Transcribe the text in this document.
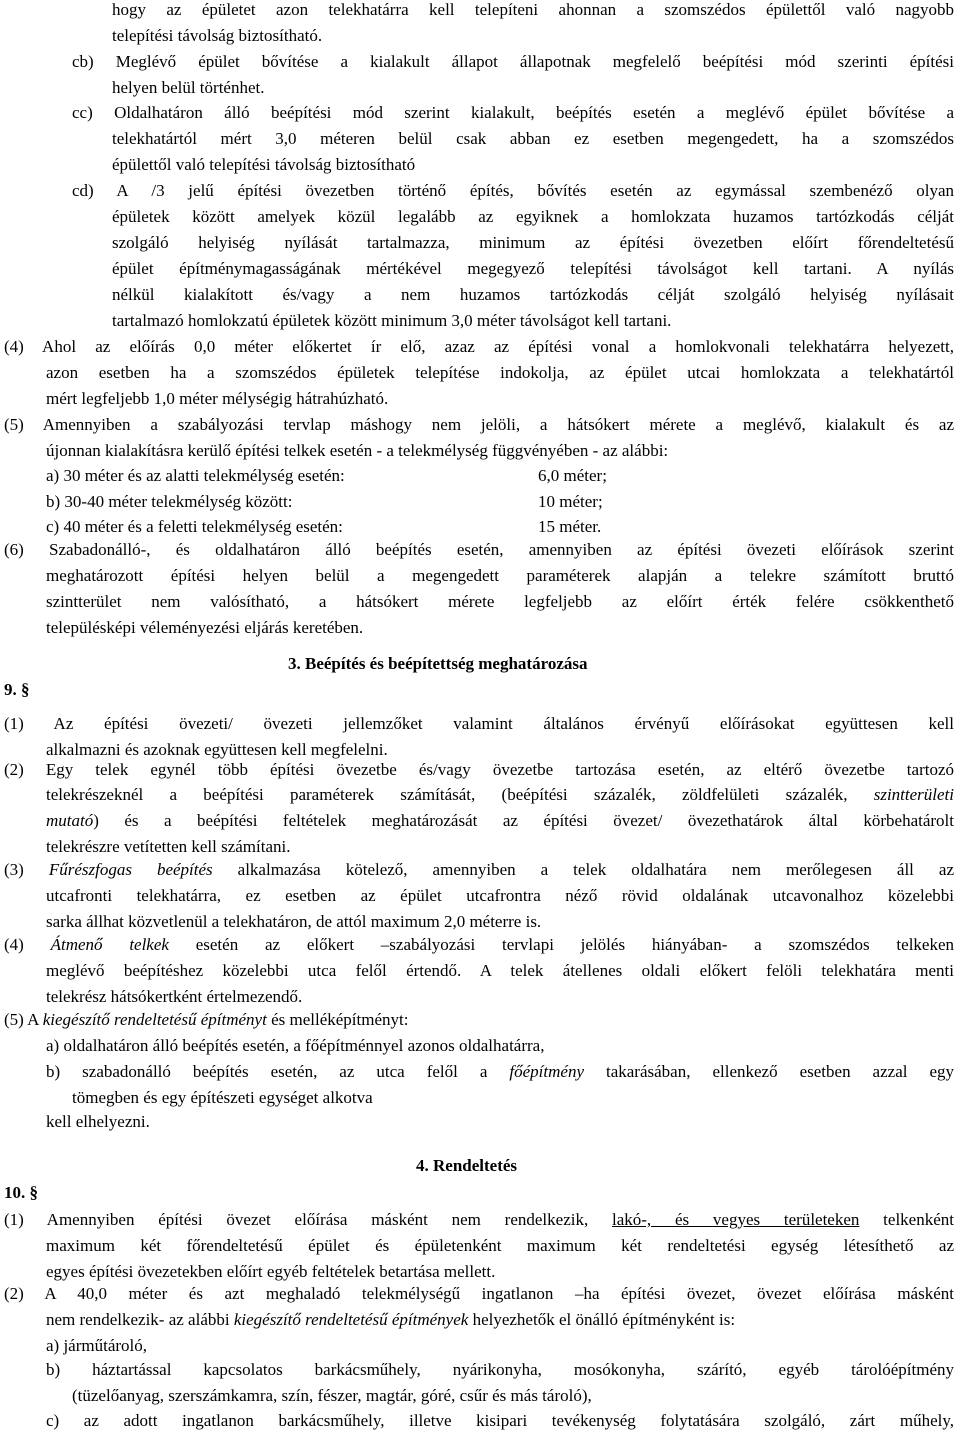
3. Beépítés és beépítettség meghatározása
9. §
4. Rendeltetés
10. §
hogy az épületet azon telekhatárra kell telepíteni ahonnan a szomszédos épülettől való nagyobb
telepítési távolság biztosítható.
cb) Meglévő épület bővítése a kialakult állapot állapotnak megfelelő beépítési mód szerinti építési
helyen belül történhet.
cc) Oldalhatáron álló beépítési mód szerint kialakult, beépítés esetén a meglévő épület bővítése a
telekhatártól mért 3,0 méteren belül csak abban ez esetben megengedett, ha a szomszédos
épülettől való telepítési távolság biztosítható
cd) A /3 jelű építési övezetben történő építés, bővítés esetén az egymással szembenéző olyan
épületek között amelyek közül legalább az egyiknek a homlokzata huzamos tartózkodás célját
szolgáló helyiség nyílását tartalmazza, minimum az építési övezetben előírt főrendeltetésű
épület építménymagasságának mértékével megegyező telepítési távolságot kell tartani. A nyílás
nélkül kialakított és/vagy a nem huzamos tartózkodás célját szolgáló helyiség nyílásait
tartalmazó homlokzatú épületek között minimum 3,0 méter távolságot kell tartani.
(4) Ahol az előírás 0,0 méter előkertet ír elő, azaz az építési vonal a homlokvonali telekhatárra helyezett,
azon esetben ha a szomszédos épületek telepítése indokolja, az épület utcai homlokzata a telekhatártól
mért legfeljebb 1,0 méter mélységig hátrahúzható.
(5) Amennyiben a szabályozási tervlap máshogy nem jelöli, a hátsókert mérete a meglévő, kialakult és az
újonnan kialakításra kerülő építési telkek esetén - a telekmélység függvényében - az alábbi:
(6) Szabadonálló-, és oldalhatáron álló beépítés esetén, amennyiben az építési övezeti előírások szerint
meghatározott építési helyen belül a megengedett paraméterek alapján a telekre számított bruttó
szintterület nem valósítható, a hátsókert mérete legfeljebb az előírt érték felére csökkenthető
településképi véleményezési eljárás keretében.
(1) Az építési övezeti/ övezeti jellemzőket valamint általános érvényű előírásokat együttesen kell
alkalmazni és azoknak együttesen kell megfelelni.
(2) Egy telek egynél több építési övezetbe és/vagy övezetbe tartozása esetén, az eltérő övezetbe tartozó
telekrészeknél a beépítési paraméterek számítását, (beépítési százalék, zöldfelületi százalék, szintterületi
mutató) és a beépítési feltételek meghatározását az építési övezet/ övezethatárok által körbehatárolt
telekrészre vetítetten kell számítani.
(3) Fűrészfogas beépítés alkalmazása kötelező, amennyiben a telek oldalhatára nem merőlegesen áll az
utcafronti telekhatárra, ez esetben az épület utcafrontra néző rövid oldalának utcavonalhoz közelebbi
sarka állhat közvetlenül a telekhatáron, de attól maximum 2,0 méterre is.
(4) Átmenő telkek esetén az előkert –szabályozási tervlapi jelölés hiányában- a szomszédos telkeken
meglévő beépítéshez közelebbi utca felől értendő. A telek átellenes oldali előkert felöli telekhatára menti
telekrész hátsókertként értelmezendő.
(5) A kiegészítő rendeltetésű építményt és melléképítményt:
a) oldalhatáron álló beépítés esetén, a főépítménnyel azonos oldalhatárra,
b) szabadonálló beépítés esetén, az utca felől a főépítmény takarásában, ellenkező esetben azzal egy
tömegben és egy építészeti egységet alkotva
kell elhelyezni.
(1) Amennyiben építési övezet előírása másként nem rendelkezik, lakó-, és vegyes területeken telkenként
maximum két főrendeltetésű épület és épületenként maximum két rendeltetési egység létesíthető az
egyes építési övezetekben előírt egyéb feltételek betartása mellett.
(2) A 40,0 méter és azt meghaladó telekmélységű ingatlanon –ha építési övezet, övezet előírása másként
nem rendelkezik- az alábbi kiegészítő rendeltetésű építmények helyezhetők el önálló építményként is:
a) járműtároló,
b) háztartással kapcsolatos barkácsműhely, nyárikonyha, mosókonyha, szárító, egyéb tárolóépítmény
(tüzelőanyag, szerszámkamra, szín, fészer, magtár, góré, csűr és más tároló),
c) az adott ingatlanon barkácsműhely, illetve kisipari tevékenység folytatására szolgáló, zárt műhely,
a) 30 méter és az alatti telekmélység esetén:	6,0 méter;
b) 30-40 méter telekmélység között:	10 méter;
c) 40 méter és a feletti telekmélység esetén:	15 méter.
